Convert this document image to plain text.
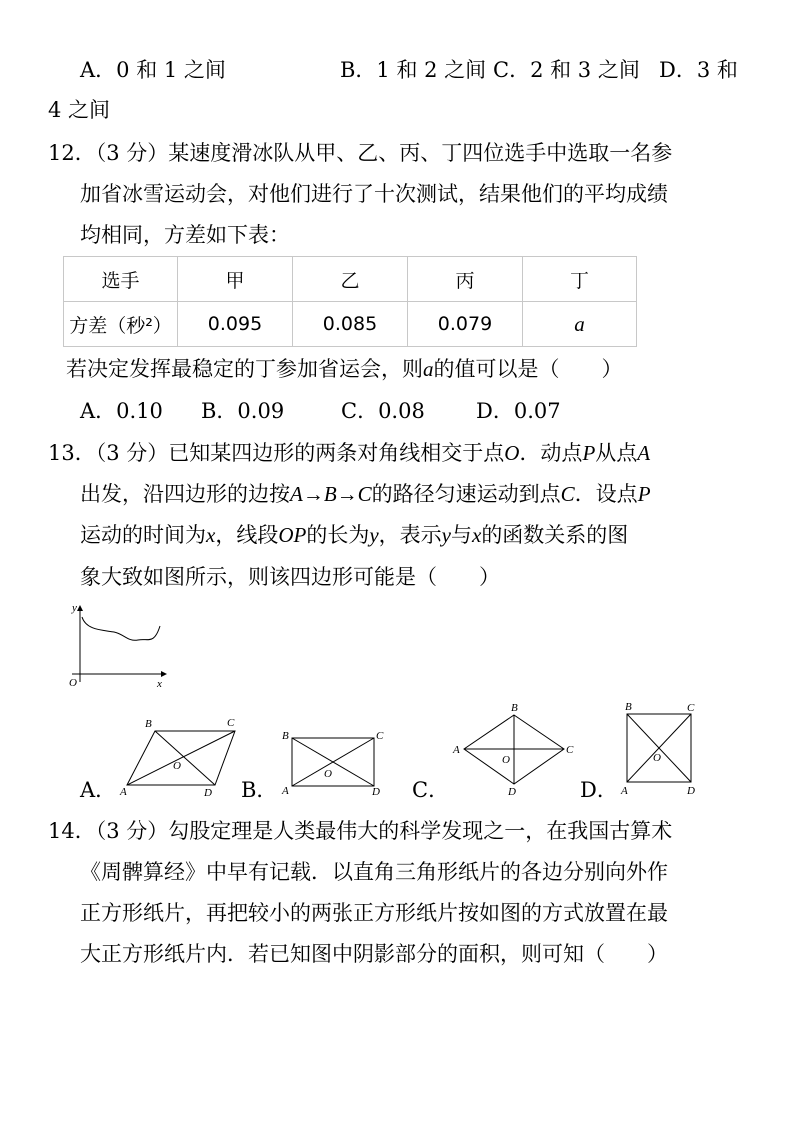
A．0 和 1 之间	B．1 和 2 之间 C．2 和 3 之间 D．3 和
4 之间
12．（3 分）某速度滑冰队从甲、乙、丙、丁四位选手中选取一名参
加省冰雪运动会，对他们进行了十次测试，结果他们的平均成绩
均相同，方差如下表：
选手	甲	乙	丙	丁
方差（秒²）	0.095	0.085	0.079	a
若决定发挥最稳定的丁参加省运会，则a的值可以是（　　）
A．0.10 B．0.09	C．0.08 D．0.07
13．（3 分）已知某四边形的两条对角线相交于点O．动点P从点A
出发，沿四边形的边按A→B→C的路径匀速运动到点C．设点P
运动的时间为x，线段OP的长为y，表示y与x的函数关系的图
象大致如图所示，则该四边形可能是（　　）
y
O	x
A．
B	C
A	D
O
B．
B	C
A	D
O
C．
B
C
A
D
O
D．
B	C
A	D
O
14．（3 分）勾股定理是人类最伟大的科学发现之一，在我国古算术
《周髀算经》中早有记载．以直角三角形纸片的各边分别向外作
正方形纸片，再把较小的两张正方形纸片按如图的方式放置在最
大正方形纸片内．若已知图中阴影部分的面积，则可知（　　）
